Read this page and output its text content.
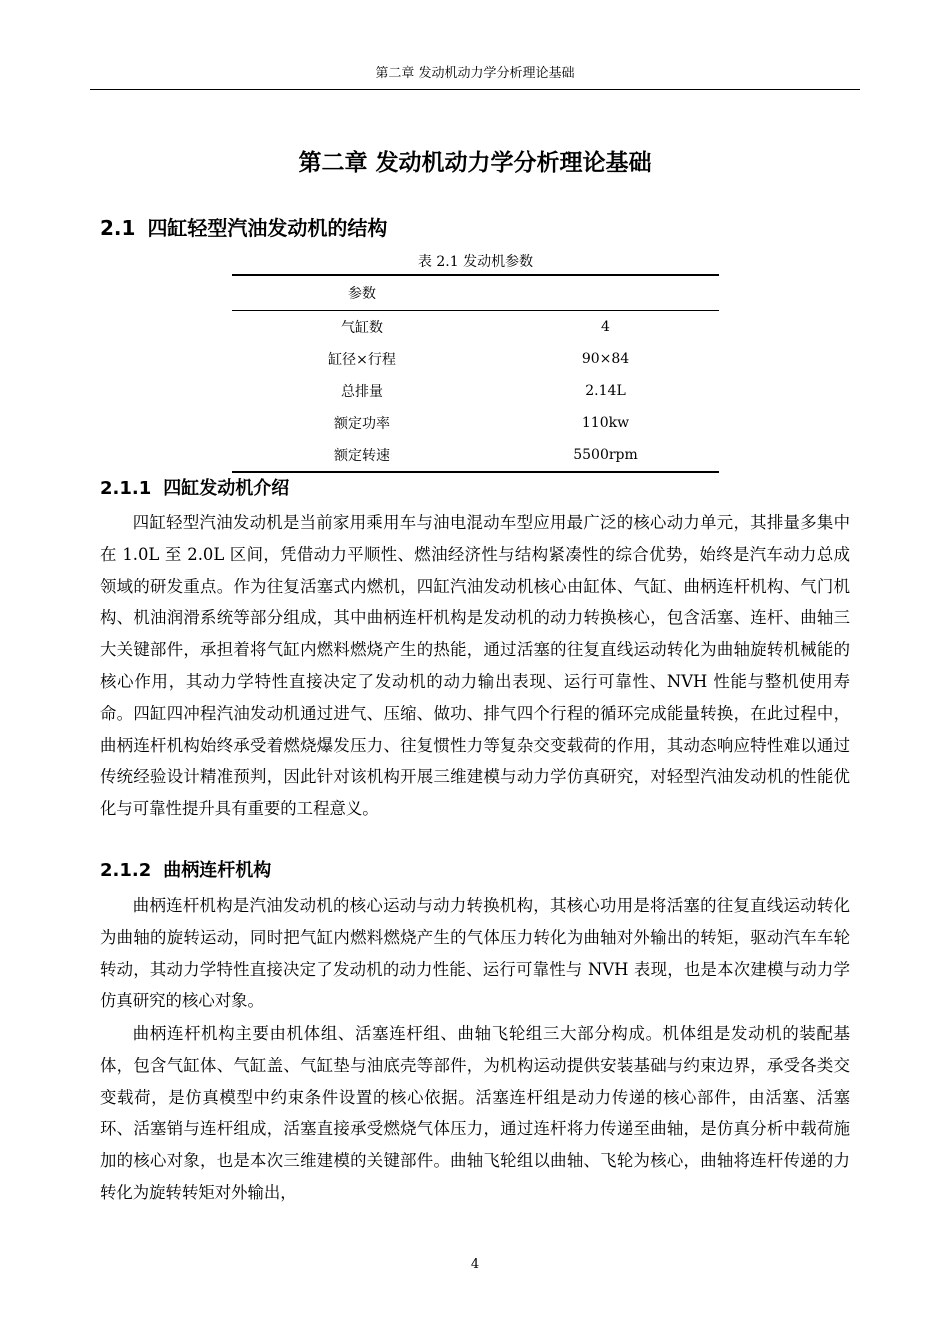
第二章 发动机动力学分析理论基础
第二章 发动机动力学分析理论基础
2.1 四缸轻型汽油发动机的结构
表 2.1 发动机参数
参数	
气缸数	4
缸径×行程	90×84
总排量	2.14L
额定功率	110kw
额定转速	5500rpm
2.1.1 四缸发动机介绍

四缸轻型汽油发动机是当前家用乘用车与油电混动车型应用最广泛的核心动力单元，其排量多集中在 1.0L 至 2.0L 区间，凭借动力平顺性、燃油经济性与结构紧凑性的综合优势，始终是汽车动力总成领域的研发重点。作为往复活塞式内燃机，四缸汽油发动机核心由缸体、气缸、曲柄连杆机构、气门机构、机油润滑系统等部分组成，其中曲柄连杆机构是发动机的动力转换核心，包含活塞、连杆、曲轴三大关键部件，承担着将气缸内燃料燃烧产生的热能，通过活塞的往复直线运动转化为曲轴旋转机械能的核心作用，其动力学特性直接决定了发动机的动力输出表现、运行可靠性、NVH 性能与整机使用寿命。四缸四冲程汽油发动机通过进气、压缩、做功、排气四个行程的循环完成能量转换，在此过程中，曲柄连杆机构始终承受着燃烧爆发压力、往复惯性力等复杂交变载荷的作用，其动态响应特性难以通过传统经验设计精准预判，因此针对该机构开展三维建模与动力学仿真研究，对轻型汽油发动机的性能优化与可靠性提升具有重要的工程意义。

2.1.2 曲柄连杆机构

曲柄连杆机构是汽油发动机的核心运动与动力转换机构，其核心功用是将活塞的往复直线运动转化为曲轴的旋转运动，同时把气缸内燃料燃烧产生的气体压力转化为曲轴对外输出的转矩，驱动汽车车轮转动，其动力学特性直接决定了发动机的动力性能、运行可靠性与 NVH 表现，也是本次建模与动力学仿真研究的核心对象。

曲柄连杆机构主要由机体组、活塞连杆组、曲轴飞轮组三大部分构成。机体组是发动机的装配基体，包含气缸体、气缸盖、气缸垫与油底壳等部件，为机构运动提供安装基础与约束边界，承受各类交变载荷，是仿真模型中约束条件设置的核心依据。活塞连杆组是动力传递的核心部件，由活塞、活塞环、活塞销与连杆组成，活塞直接承受燃烧气体压力，通过连杆将力传递至曲轴，是仿真分析中载荷施加的核心对象，也是本次三维建模的关键部件。曲轴飞轮组以曲轴、飞轮为核心，曲轴将连杆传递的力转化为旋转转矩对外输出，

4
